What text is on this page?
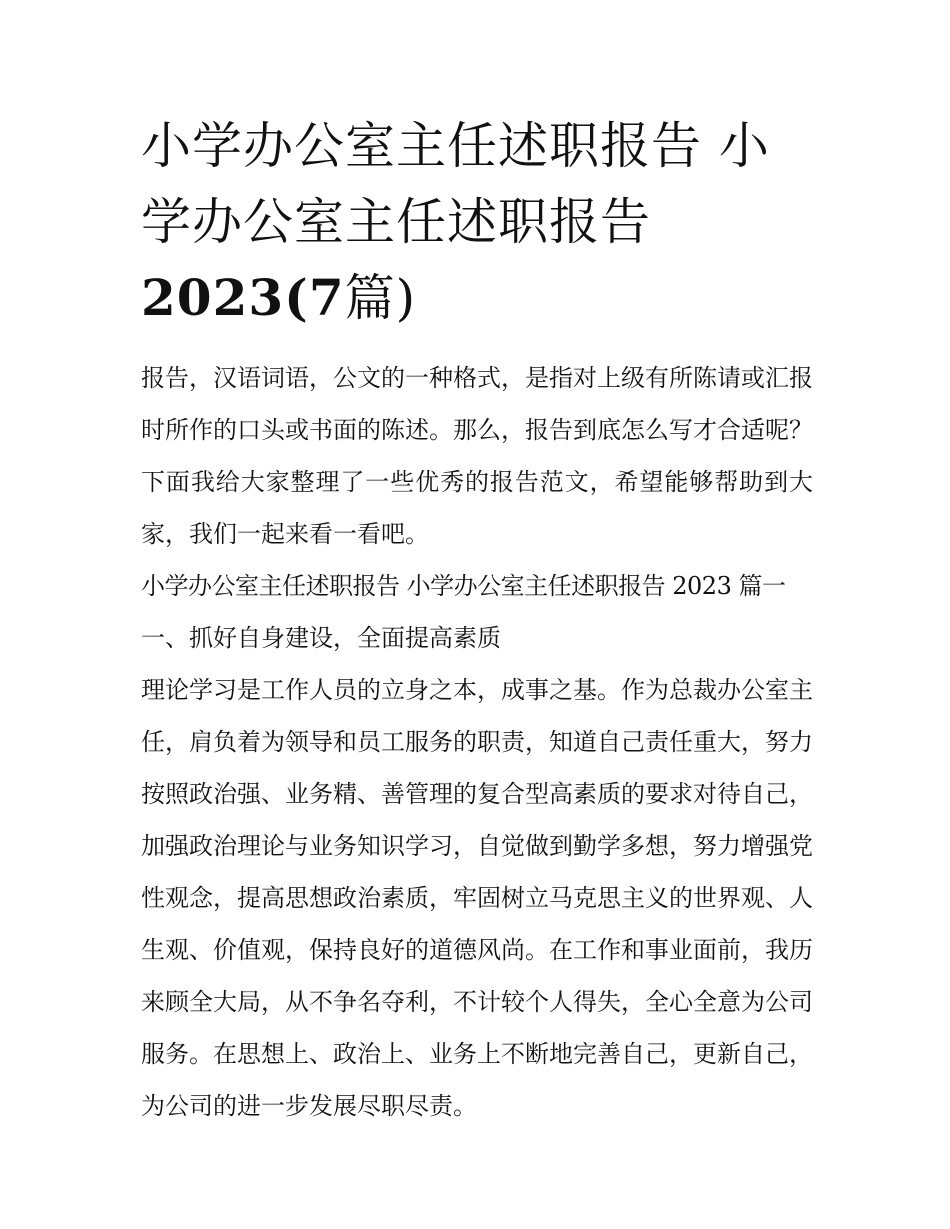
小学办公室主任述职报告 小学办公室主任述职报告2023(7篇)

报告，汉语词语，公文的一种格式，是指对上级有所陈请或汇报时所作的口头或书面的陈述。那么，报告到底怎么写才合适呢？下面我给大家整理了一些优秀的报告范文，希望能够帮助到大家，我们一起来看一看吧。

小学办公室主任述职报告 小学办公室主任述职报告 2023 篇一

一、抓好自身建设，全面提高素质

理论学习是工作人员的立身之本，成事之基。作为总裁办公室主任，肩负着为领导和员工服务的职责，知道自己责任重大，努力按照政治强、业务精、善管理的复合型高素质的要求对待自己，加强政治理论与业务知识学习，自觉做到勤学多想，努力增强党性观念，提高思想政治素质，牢固树立马克思主义的世界观、人生观、价值观，保持良好的道德风尚。在工作和事业面前，我历来顾全大局，从不争名夺利，不计较个人得失，全心全意为公司服务。在思想上、政治上、业务上不断地完善自己，更新自己，为公司的进一步发展尽职尽责。
